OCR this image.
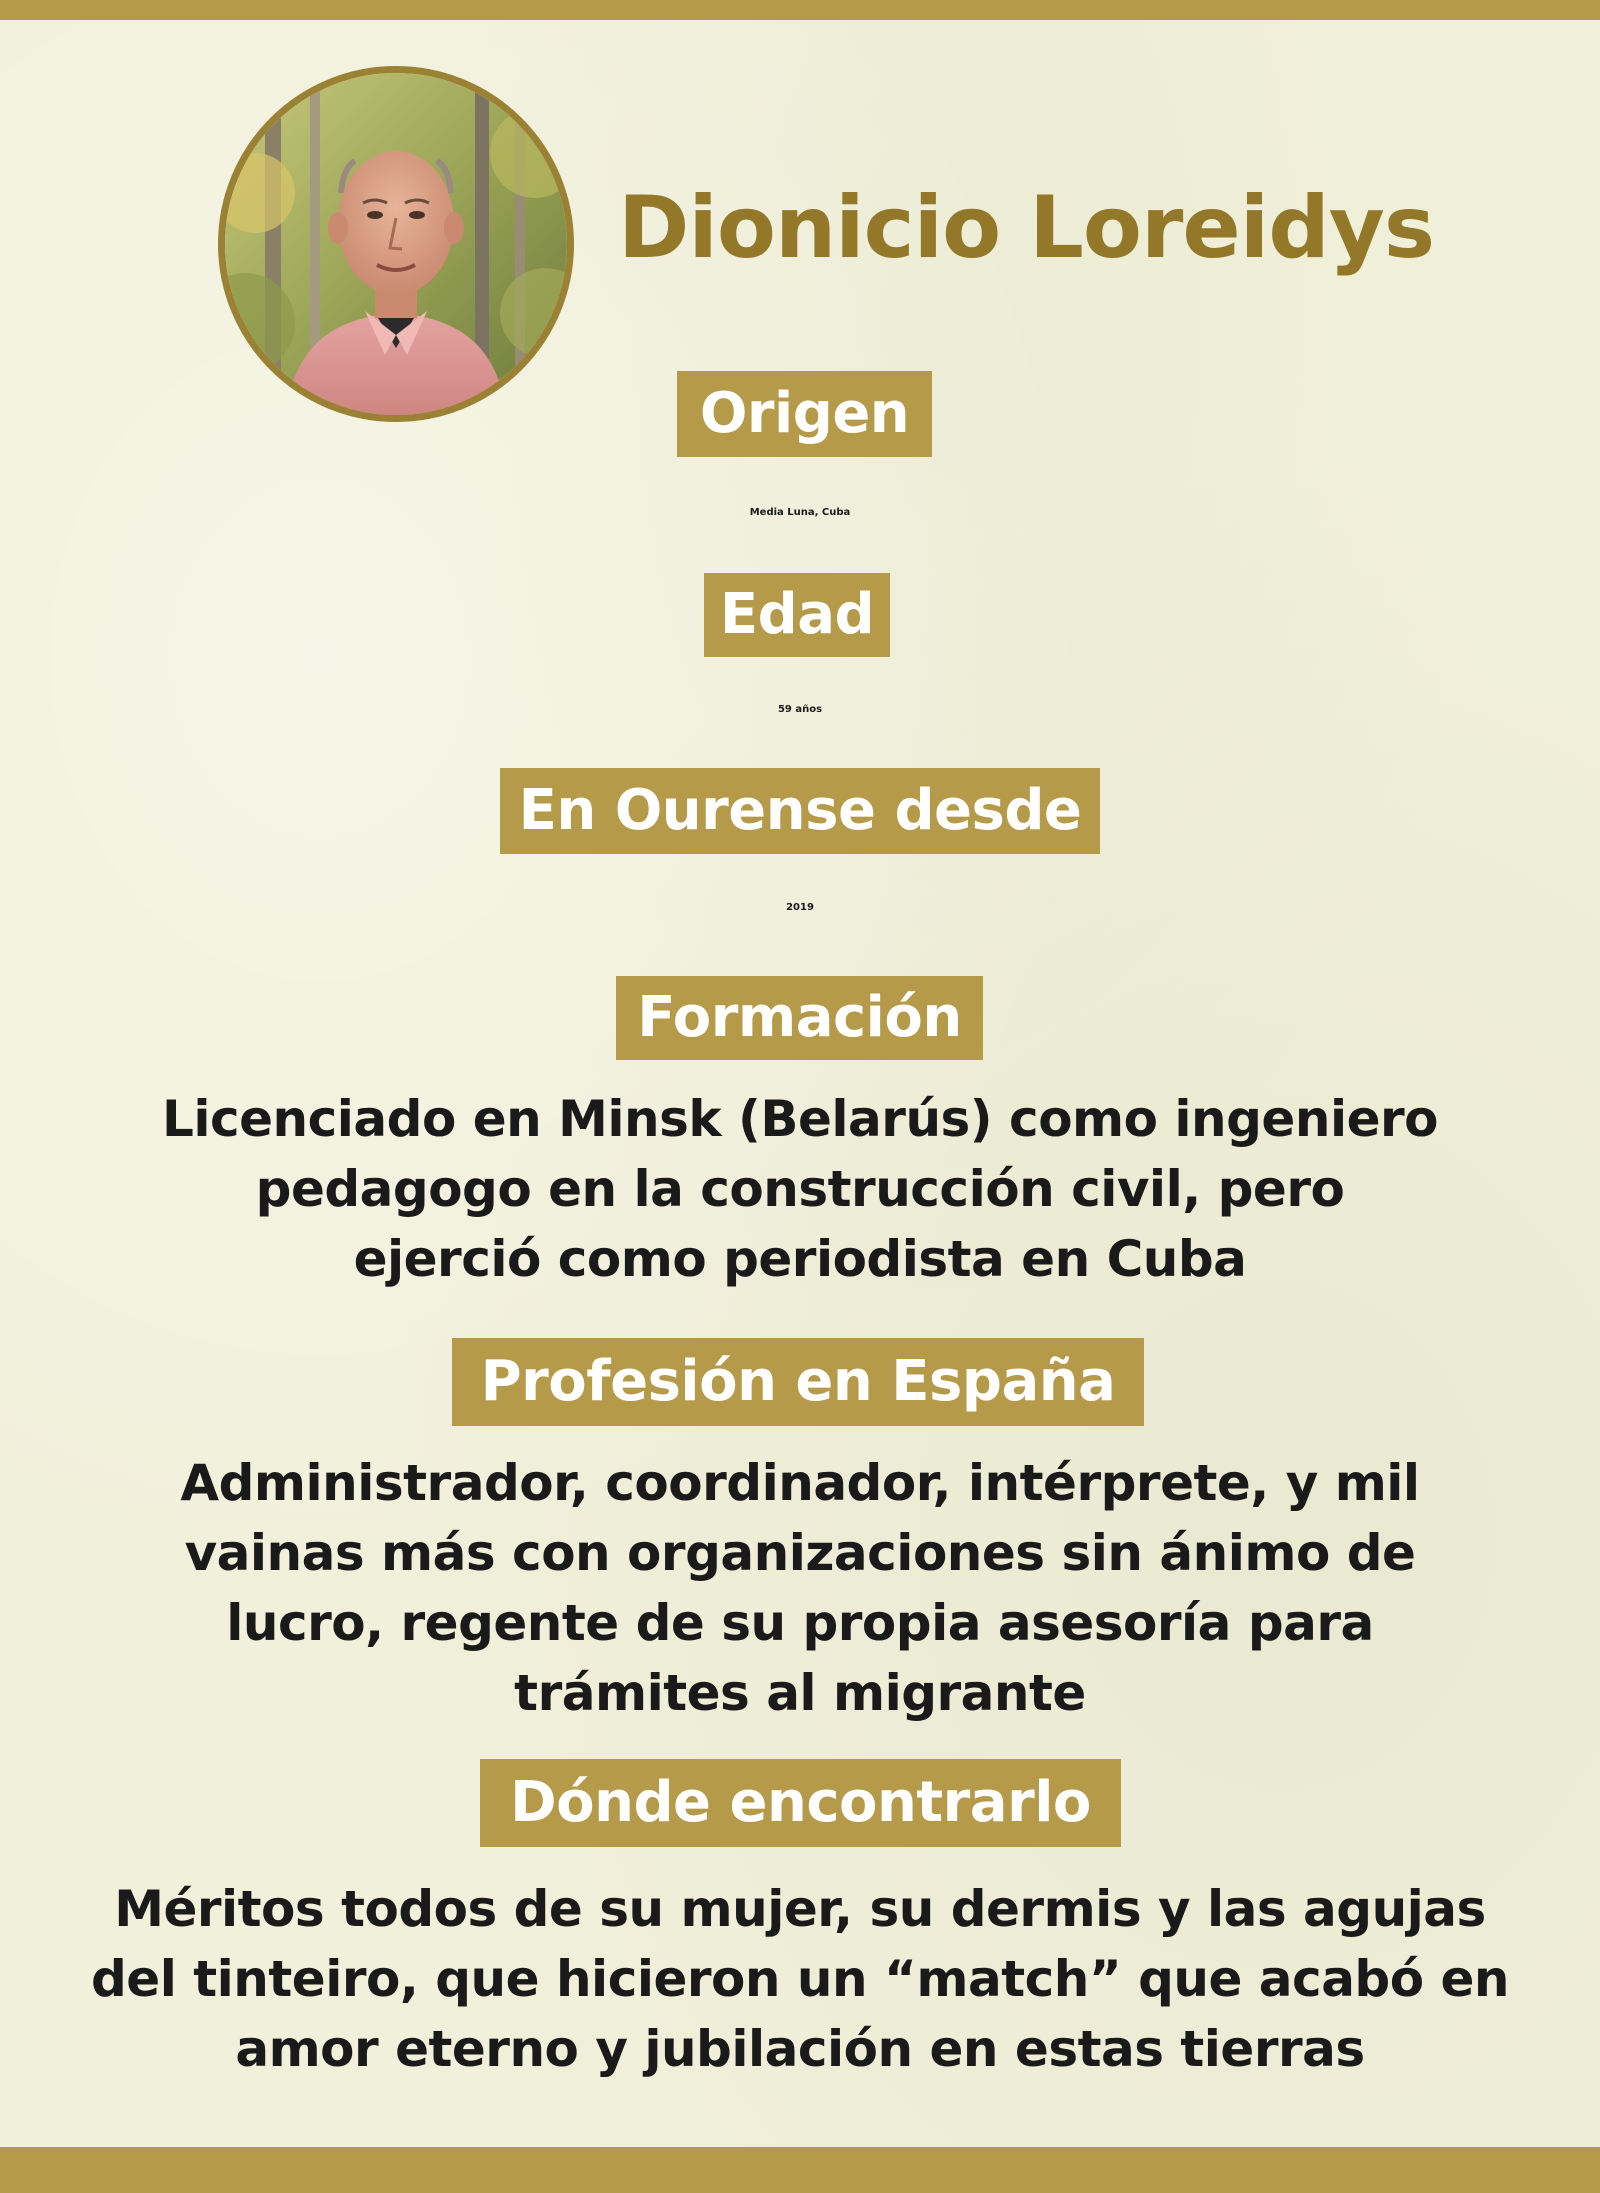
Dionicio Loreidys
Origen
Media Luna, Cuba
Edad
59 años
En Ourense desde
2019
Formación
Licenciado en Minsk (Belarús) como ingeniero
pedagogo en la construcción civil, pero
ejerció como periodista en Cuba
Profesión en España
Administrador, coordinador, intérprete, y mil
vainas más con organizaciones sin ánimo de
lucro, regente de su propia asesoría para
trámites al migrante
Dónde encontrarlo
Méritos todos de su mujer, su dermis y las agujas
del tinteiro, que hicieron un “match” que acabó en
amor eterno y jubilación en estas tierras
